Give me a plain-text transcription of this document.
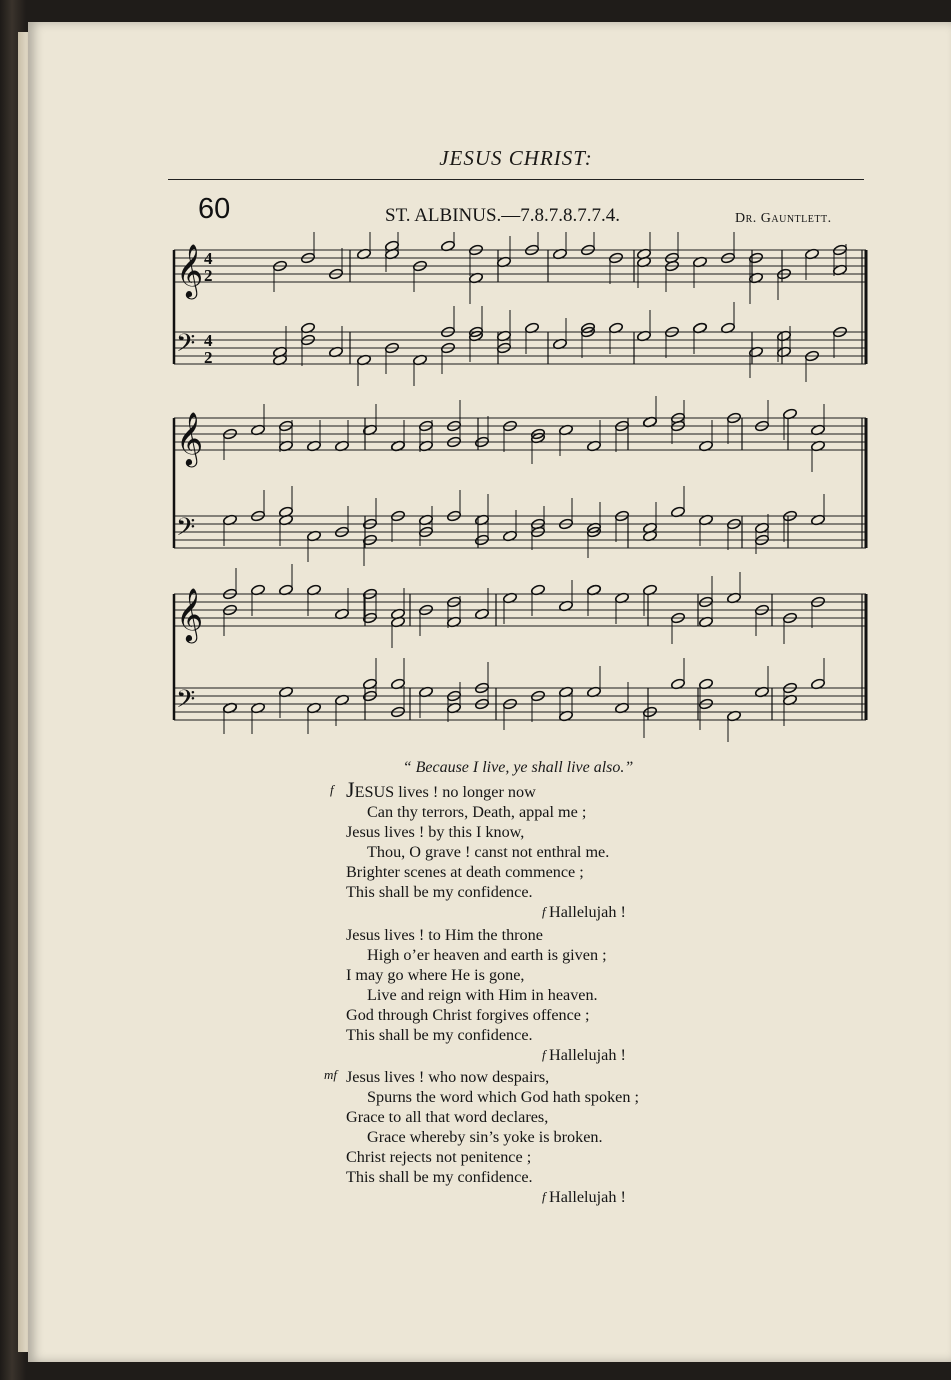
JESUS CHRIST:
60	ST. ALBINUS.—7.8.7.8.7.7.4.	Dr. Gauntlett.
𝄞 4
2
𝄢 4
2
𝄞
𝄢
𝄞
𝄢
“ Because I live, ye shall live also.”
f JESUS lives ! no longer now
Can thy terrors, Death, appal me ;
Jesus lives ! by this I know,
Thou, O grave ! canst not enthral me.
Brighter scenes at death commence ;
This shall be my confidence.
f Hallelujah !
Jesus lives ! to Him the throne
High o’er heaven and earth is given ;
I may go where He is gone,
Live and reign with Him in heaven.
God through Christ forgives offence ;
This shall be my confidence.
f Hallelujah !
mf Jesus lives ! who now despairs,
Spurns the word which God hath spoken ;
Grace to all that word declares,
Grace whereby sin’s yoke is broken.
Christ rejects not penitence ;
This shall be my confidence.
f Hallelujah !
